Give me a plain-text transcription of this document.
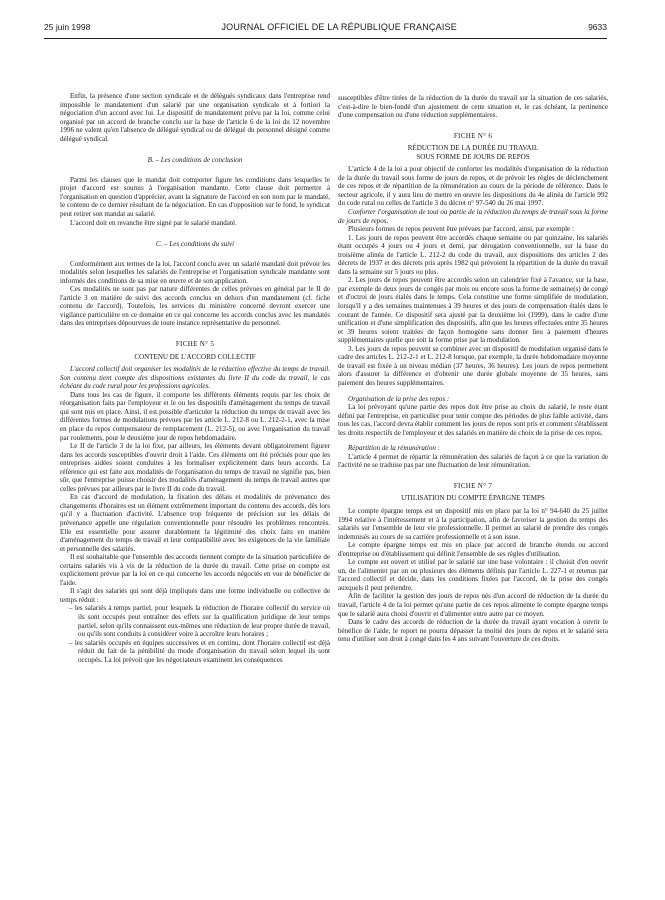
25 juin 1998	JOURNAL OFFICIEL DE LA RÉPUBLIQUE FRANÇAISE	9633

Enfin, la présence d'une section syndicale et de délégués syndicaux dans l'entreprise rend impossible le mandatement d'un salarié par une organisation syndicale et à fortiori la négociation d'un accord avec lui. Le dispositif de mandatement prévu par la loi, comme celui organisé par un accord de branche conclu sur la base de l'article 6 de la loi du 12 novembre 1996 ne valent qu'en l'absence de délégué syndical ou de délégué du personnel désigné comme délégué syndical.

B. – Les conditions de conclusion

Parmi les clauses que le mandat doit comporter figure les conditions dans lesquelles le projet d'accord est soumis à l'organisation mandante. Cette clause doit permettre à l'organisation en question d'apprécier, avant la signature de l'accord en son nom par le mandaté, le contenu de ce dernier résultant de la négociation. En cas d'opposition sur le fond, le syndicat peut retirer son mandat au salarié.

L'accord doit en revanche être signé par le salarié mandaté.

C. – Les conditions du suivi

Conformément aux termes de la loi, l'accord conclu avec un salarié mandaté doit prévoir les modalités selon lesquelles les salariés de l'entreprise et l'organisation syndicale mandante sont informés des conditions de sa mise en œuvre et de son application.

Ces modalités ne sont pas par nature différentes de celles prévues en général par le II de l'article 3 en matière de suivi des accords conclus en dehors d'un mandatement (cf. fiche contenu de l'accord). Toutefois, les services du ministère concerné devront exercer une vigilance particulière en ce domaine en ce qui concerne les accords conclus avec les mandatés dans des entreprises dépourvues de toute instance représentative du personnel.

FICHE N° 5

CONTENU DE L'ACCORD COLLECTIF

L'accord collectif doit organiser les modalités de la réduction effective du temps de travail. Son contenu tient compte des dispositions existantes du livre II du code du travail, le cas échéant du code rural pour les professions agricoles.

Dans tous les cas de figure, il comporte les différents éléments requis par les choix de réorganisation faits par l'employeur et le ou les dispositifs d'aménagement du temps de travail qui sont mis en place. Ainsi, il est possible d'articuler la réduction du temps de travail avec les différentes formes de modulations prévues par les article L. 212-8 ou L. 212-2-1, avec la mise en place du repos compensateur de remplacement (L. 212-5), ou avec l'organisation du travail par roulements, pour le deuxième jour de repos hebdomadaire.

Le II de l'article 3 de la loi fixe, par ailleurs, les éléments devant obligatoirement figurer dans les accords susceptibles d'ouvrir droit à l'aide. Ces éléments ont été précisés pour que les entreprises aidées soient conduites à les formaliser explicitement dans leurs accords. La référence qui est faite aux modalités de l'organisation du temps de travail ne signifie pas, bien sûr, que l'entreprise puisse choisir des modalités d'aménagement du temps de travail autres que celles prévues par ailleurs par le livre II du code du travail.

En cas d'accord de modulation, la fixation des délais et modalités de prévenance des changements d'horaires est un élément extrêmement important du contenu des accords, dès lors qu'il y a fluctuation d'activité. L'absence trop fréquente de précision sur les délais de prévenance appelle une régulation conventionnelle pour résoudre les problèmes rencontrés. Elle est essentielle pour assurer durablement la légitimité des choix faits en matière d'aménagement du temps de travail et leur compatibilité avec les exigences de la vie familiale et personnelle des salariés.

Il est souhaitable que l'ensemble des accords tiennent compte de la situation particulière de certains salariés vis à vis de la réduction de la durée du travail. Cette prise en compte est explicitement prévue par la loi en ce qui concerne les accords négociés en vue de bénéficier de l'aide.

Il s'agit des salariés qui sont déjà impliqués dans une forme individuelle ou collective de temps réduit :

– les salariés à temps partiel, pour lesquels la réduction de l'horaire collectif du service où ils sont occupés peut entraîner des effets sur la qualification juridique de leur temps partiel, selon qu'ils connaissent eux-mêmes une réduction de leur propre durée de travail, ou qu'ils sont conduits à considérer voire à accroître leurs horaires ;

– les salariés occupés en équipes successives et en continu, dont l'horaire collectif est déjà réduit du fait de la pénibilité du mode d'organisation du travail selon lequel ils sont occupés. La loi prévoit que les négociateurs examinent les conséquences

susceptibles d'être tirées de la réduction de la durée du travail sur la situation de ces salariés, c'est-à-dire le bien-fondé d'un ajustement de cette situation et, le cas échéant, la pertinence d'une compensation ou d'une réduction supplémentaires.

FICHE N° 6

RÉDUCTION DE LA DURÉE DU TRAVAIL

SOUS FORME DE JOURS DE REPOS

L'article 4 de la loi a pour objectif de conforter les modalités d'organisation de la réduction de la durée du travail sous forme de jours de repos, et de prévoir les règles de déclenchement de ces repos et de répartition de la rémunération au cours de la période de référence. Dans le secteur agricole, il y aura lieu de mettre en œuvre les dispositions du 4e alinéa de l'article 992 du code rural ou celles de l'article 3 du décret n° 97-540 du 26 mai 1997.

Conforter l'organisation de tout ou partie de la réduction du temps de travail sous la forme de jours de repos.

Plusieurs formes de repos peuvent être prévues par l'accord, ainsi, par exemple :

1. Les jours de repos peuvent être accordés chaque semaine ou par quinzaine, les salariés étant occupés 4 jours ou 4 jours et demi, par dérogation conventionnelle, sur la base du troisième alinéa de l'article L. 212-2 du code du travail, aux dispositions des articles 2 des décrets de 1937 et des décrets pris après 1982 qui prévoient la répartition de la durée du travail dans la semaine sur 5 jours ou plus.

2. Les jours de repos peuvent être accordés selon un calendrier fixé à l'avance, sur la base, par exemple de deux jours de congés par mois ou encore sous la forme de semaine(s) de congé et d'octroi de jours étalés dans le temps. Cela constitue une forme simplifiée de modulation, lorsqu'il y a des semaines maintenues à 39 heures et des jours de compensation étalés dans le courant de l'année. Ce dispositif sera ajusté par la deuxième loi (1999), dans le cadre d'une unification et d'une simplification des dispositifs, afin que les heures effectuées entre 35 heures et 39 heures soient traitées de façon homogène sans donner lieu à paiement d'heures supplémentaires quelle que soit la forme prise par la modulation.

3. Les jours de repos peuvent se combiner avec un dispositif de modulation organisé dans le cadre des articles L. 212-2-1 et L. 212-8 lorsque, par exemple, la durée hebdomadaire moyenne de travail est fixée à un niveau médian (37 heures, 36 heures). Les jours de repos permettent alors d'assurer la différence et d'obtenir une durée globale moyenne de 35 heures, sans paiement des heures supplémentaires.

Organisation de la prise des repos :

La loi prévoyant qu'une partie des repos doit être prise au choix du salarié, le reste étant défini par l'entreprise, en particulier pour tenir compte des périodes de plus faible activité, dans tous les cas, l'accord devra établir comment les jours de repos sont pris et comment s'établissent les droits respectifs de l'employeur et des salariés en matière de choix de la prise de ces repos.

Répartition de la rémunération :

L'article 4 permet de répartir la rémunération des salariés de façon à ce que la variation de l'activité ne se traduise pas par une fluctuation de leur rémunération.

FICHE N° 7

UTILISATION DU COMPTE ÉPARGNE TEMPS

Le compte épargne temps est un dispositif mis en place par la loi n° 94-640 du 25 juillet 1994 relative à l'intéressement et à la participation, afin de favoriser la gestion du temps des salariés sur l'ensemble de leur vie professionnelle. Il permet au salarié de prendre des congés indemnisés au cours de sa carrière professionnelle et à son issue.

Le compte épargne temps est mis en place par accord de branche étendu ou accord d'entreprise ou d'établissement qui définit l'ensemble de ses règles d'utilisation.

Le compte est ouvert et utilisé par le salarié sur une base volontaire : il choisit d'en ouvrir un, de l'alimenter par un ou plusieurs des éléments définis par l'article L. 227-1 et retenus par l'accord collectif et décide, dans les conditions fixées par l'accord, de la prise des congés auxquels il peut prétendre.

Afin de faciliter la gestion des jours de repos nés d'un accord de réduction de la durée du travail, l'article 4 de la loi permet qu'une partie de ces repos alimente le compte épargne temps que le salarié aura choisi d'ouvrir et d'alimenter entre autre par ce moyen.

Dans le cadre des accords de réduction de la durée du travail ayant vocation à ouvrir le bénéfice de l'aide, le report ne pourra dépasser la moitié des jours de repos et le salarié sera tenu d'utiliser son droit à congé dans les 4 ans suivant l'ouverture de ces droits.
